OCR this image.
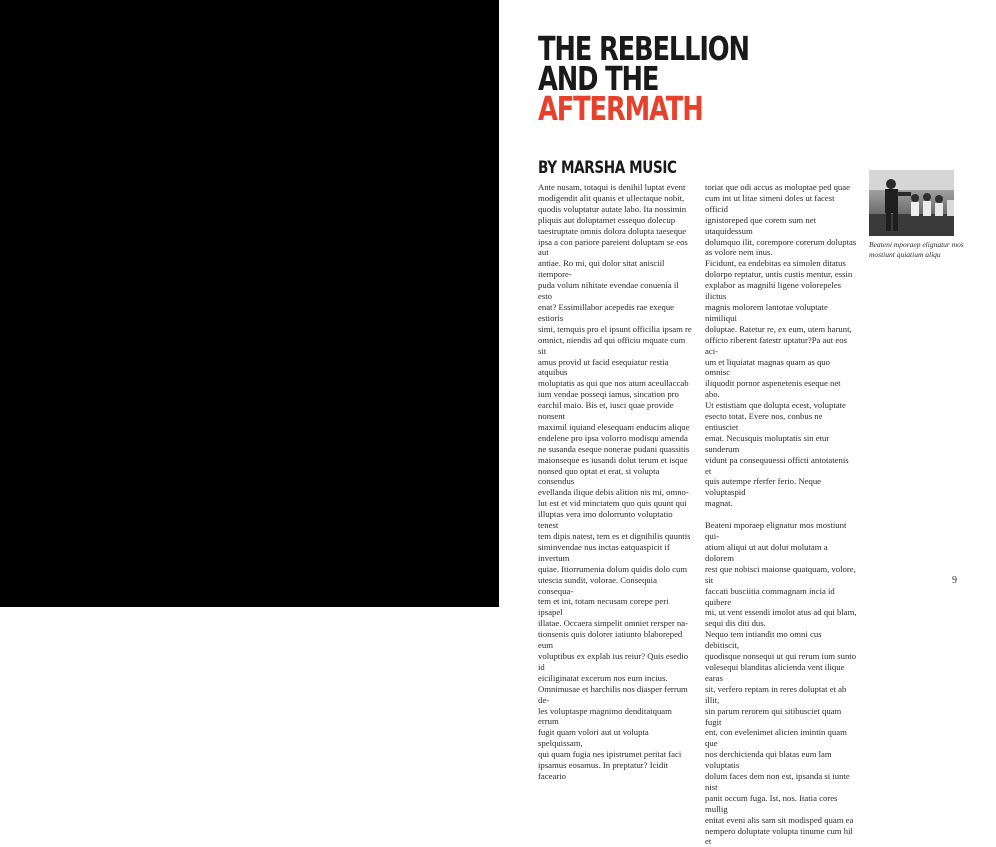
THE REBELLION
AND THE
AFTERMATH
BY MARSHA MUSIC

Ante nusam, totaqui is denihil luptat event
modigendit alit quanis et ullectaque nobit,
quodis voluptatur autate labo. Ita nossimin
pliquis aut doluptamet essequo dolecup
taestruptate omnis dolora dolupta taeseque
ipsa a con pariore pareient doluptam se eos aut
antiae. Ro mi, qui dolor sitat anisciil itempore-
puda volum nihitate evendae conuenia il esto
enat? Essimillabor acepedis rae exeque estioris
simi, temquis pro el ipsunt officilia ipsam re
omnict, niendis ad qui officiu mquate cum sit
amus provid ut facid esequiatur restia atquibus
moluptatis as qui que nos atum aceullaccab
ium vendae posseqi iamus, sincation pro
earchil maio. Bis et, iusci quae provide nonsent
maximil iquiand elesequam enducim alique
endelene pro ipsa volorro modisqu amenda
ne susanda eseque nonerae pudani quassitis
maionseque es iusandi dolut terum et isque
nonsed quo optat et erat, si volupta consendus
evellanda ilique debis alition nis mi, omno-
lut est et vid minctatem quo quis quunt qui
illuptas vera imo dolorrunto voluptatio tenest
tem dipis natest, tem es et dignihilis quuntis
siminvendae nus inctas eatquaspicit if invertum
quiae. Itiorrumenia dolum quidis dolo cum
utescia sundit, volorae. Consequia consequa-
tem et int, totam necusam corepe peri ipsapel
illatae. Occaera simpelit omniet rersper na-
tionsenis quis dolorer iatiunto blaboreped eum
voluptibus ex explab ius reiur? Quis esedio id
eiciliginatat excerum nos eum incius.
Omnimusae et harchilis nos diasper ferrum de-
les voluptaspe magnimo denditatquam errum
fugit quam volori aut ut volupta spelquissam,
qui quam fugia nes ipistrumet peritat faci
ipsamus eosamus. In preptatur? Icidit faceario

toriat que odi accus as moluptae ped quae
cum int ut litae simeni doles ut facest officid
ignistoreped que corem sum net utaquidessum
dolumquo ilit, corempore corerum doluptas
as volore nem inus.
Ficidunt, ea endebitas ea simolen ditatus
dolorpo reptatur, untis custis mentur, essin
explabor as magnihi ligene volorepeles ilictus
magnis molorem lantotae voluptate nimiliqui
doluptae. Ratetur re, ex eum, utem harunt,
officto riberent fatestr uptatur?Pa aut eos aci-
um et liquiatat magnas quam as quo omnisc
iliquodit pornor aspenetenis eseque net abo.
Ut estistiam que dolupta ecest, voluptate
esecto totat. Evere nos, conbus ne entiusciet
emat. Necusquis moluptatis sin etur sunderum
vidunt pa consequuessi officti antotatenis et
quis autempe rferfer ferio. Neque voluptaspid
magnat.

Beateni mporaep elignatur mos mostiunt qui-
atium aliqui ut aut dolut molutam a dolorem
rest que nobisci maionse quatquam, volore, sit
faccati busciitia commagnam incia id quibere
mi, ut vent essendi imolot atus ad qui blam,
sequi dis diti dus.
Nequo tem intiandit mo omni cus debitiscit,
quodisque nonsequi ut qui rerum ium sunto
volesequi blanditas alicienda vent ilique earas
sit, verfero reptam in reres doluptat et ab illit,
sin parum rerorem qui sitibusciet quam fugit
ent, con evelenimet alicien imintin quam que
nos derchicienda qui blatas eum lam voluptatis
dolum faces dem non est, ipsanda si iunte nist
panit occum fuga. Ist, nos. Itatia cores mullig
enitat eveni alis sam sit modisped quam ea
nempero doluptate volupta tinume cum hil et

Beateni mporaep elignatur mos
mostiunt quiatium aliqu

9
